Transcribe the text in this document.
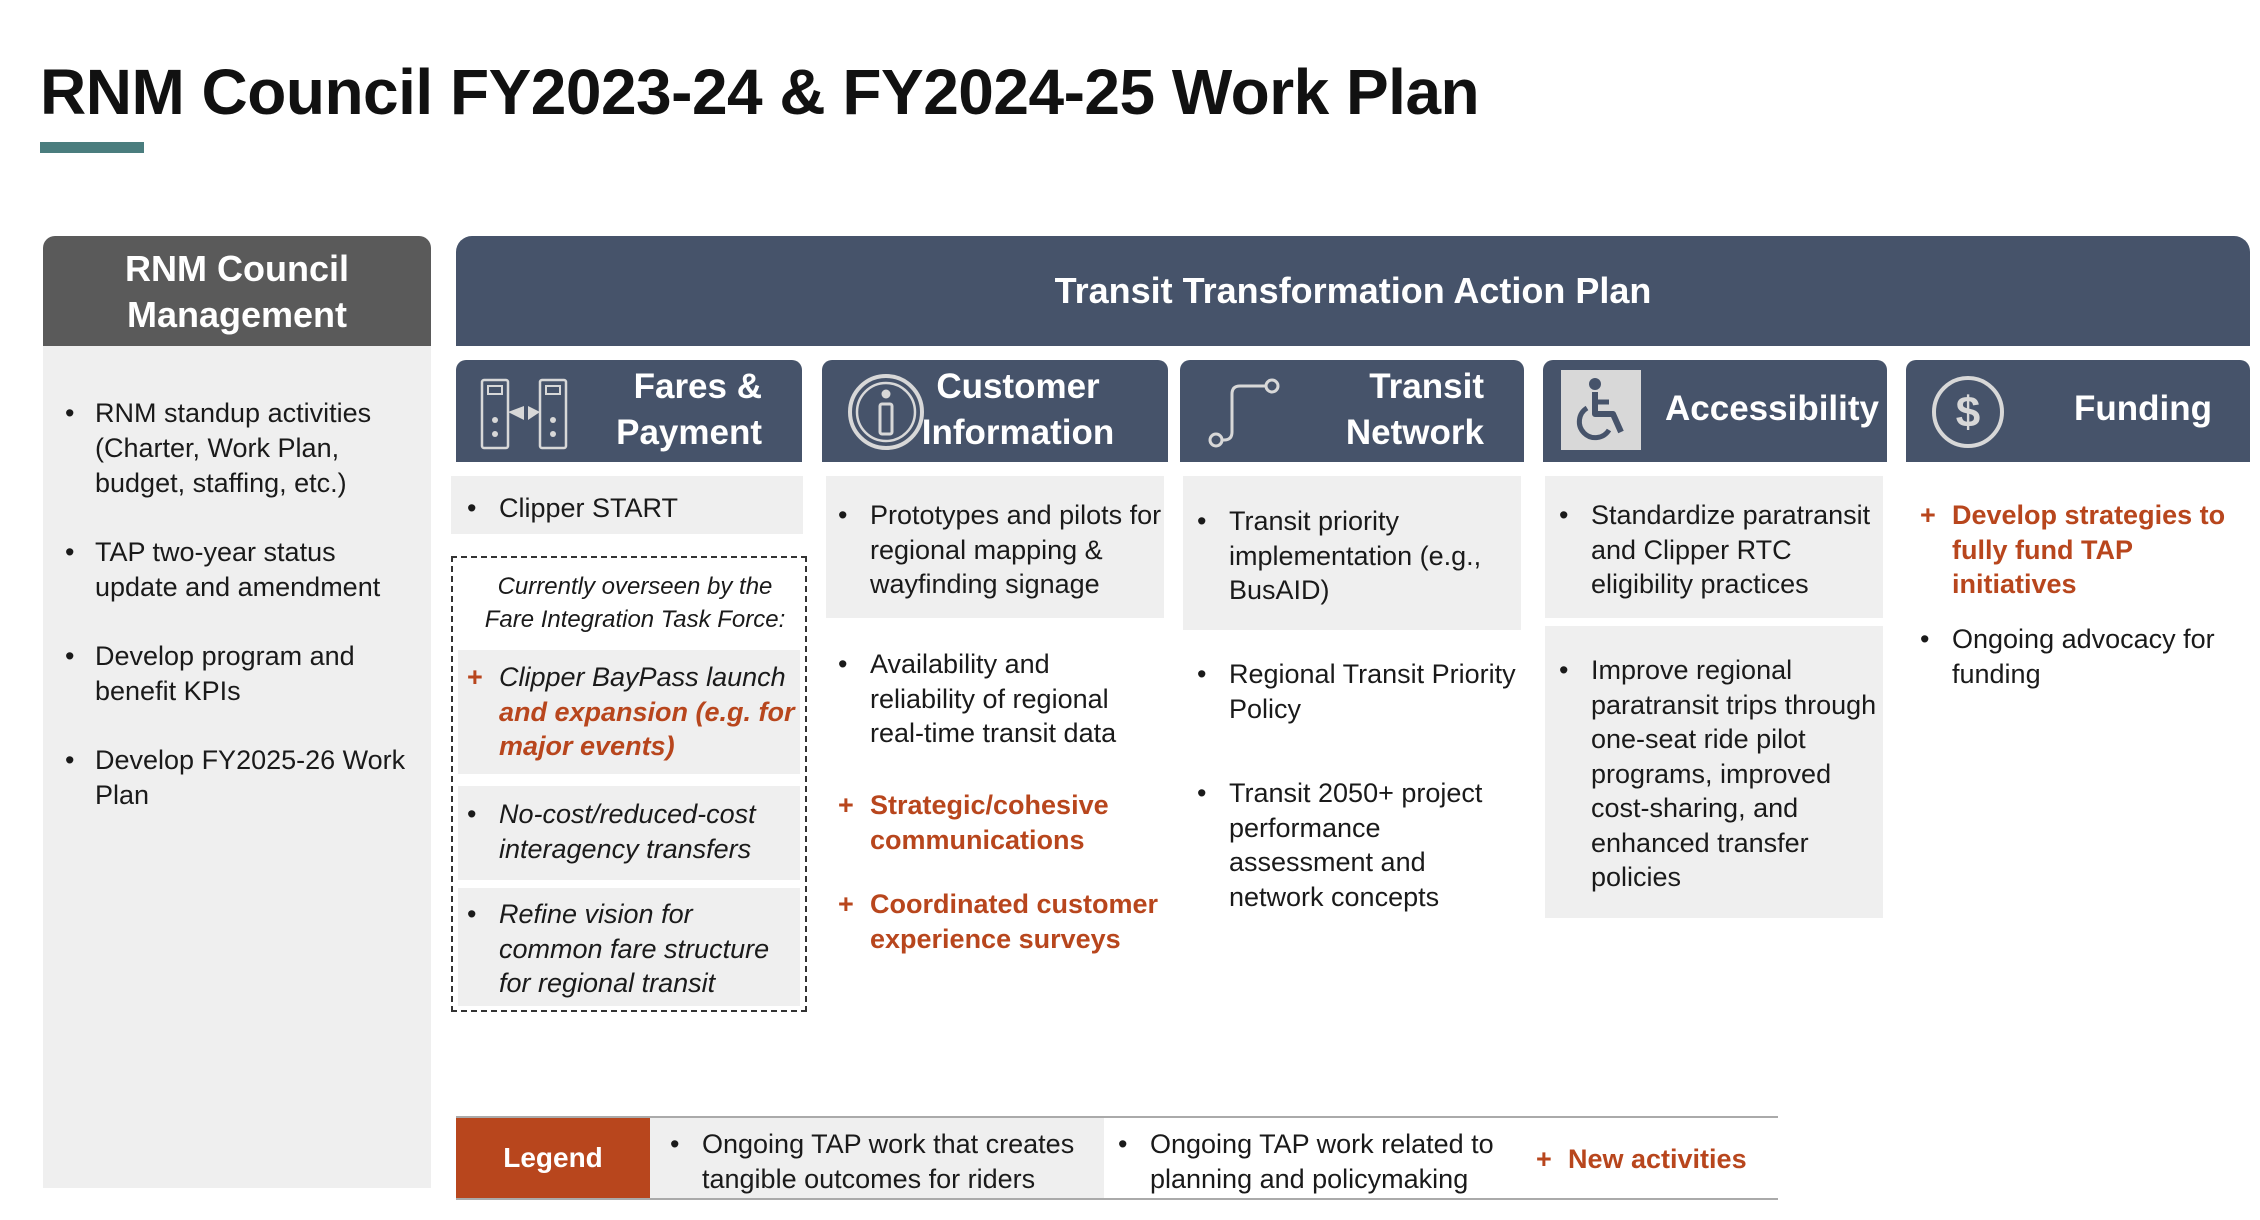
RNM Council FY2023-24 & FY2024-25 Work Plan
RNM Council Management
• RNM standup activities (Charter, Work Plan, budget, staffing, etc.)
• TAP two-year status update and amendment
• Develop program and benefit KPIs
• Develop FY2025-26 Work Plan
Transit Transformation Action Plan
Fares & Payment
• Clipper START
Currently overseen by the Fare Integration Task Force:
+ Clipper BayPass launch and expansion (e.g. for major events)
• No-cost/reduced-cost interagency transfers
• Refine vision for common fare structure for regional transit
Customer Information
• Prototypes and pilots for regional mapping & wayfinding signage
• Availability and reliability of regional real-time transit data
+ Strategic/cohesive communications
+ Coordinated customer experience surveys
Transit Network
• Transit priority implementation (e.g., BusAID)
• Regional Transit Priority Policy
• Transit 2050+ project performance assessment and network concepts
Accessibility
• Standardize paratransit and Clipper RTC eligibility practices
• Improve regional paratransit trips through one-seat ride pilot programs, improved cost-sharing, and enhanced transfer policies
$	Funding
+ Develop strategies to fully fund TAP initiatives
• Ongoing advocacy for funding
Legend • Ongoing TAP work that creates tangible outcomes for riders
• Ongoing TAP work related to planning and policymaking
+ New activities
